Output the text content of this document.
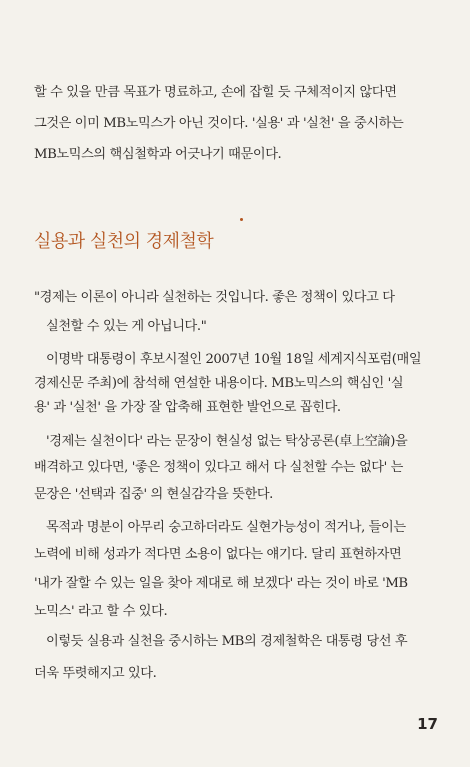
할 수 있을 만큼 목표가 명료하고, 손에 잡힐 듯 구체적이지 않다면
그것은 이미 MB노믹스가 아닌 것이다. '실용' 과 '실천' 을 중시하는
MB노믹스의 핵심철학과 어긋나기 때문이다.
실용과 실천의 경제철학
"경제는 이론이 아니라 실천하는 것입니다. 좋은 정책이 있다고 다
실천할 수 있는 게 아닙니다."
이명박 대통령이 후보시절인 2007년 10월 18일 세계지식포럼(매일
경제신문 주최)에 참석해 연설한 내용이다. MB노믹스의 핵심인 '실
용' 과 '실천' 을 가장 잘 압축해 표현한 발언으로 꼽힌다.
'경제는 실천이다' 라는 문장이 현실성 없는 탁상공론(卓上空論)을
배격하고 있다면, '좋은 정책이 있다고 해서 다 실천할 수는 없다' 는
문장은 '선택과 집중' 의 현실감각을 뜻한다.
목적과 명분이 아무리 숭고하더라도 실현가능성이 적거나, 들이는
노력에 비해 성과가 적다면 소용이 없다는 얘기다. 달리 표현하자면
'내가 잘할 수 있는 일을 찾아 제대로 해 보겠다' 라는 것이 바로 'MB
노믹스' 라고 할 수 있다.
이렇듯 실용과 실천을 중시하는 MB의 경제철학은 대통령 당선 후
더욱 뚜렷해지고 있다.
17
